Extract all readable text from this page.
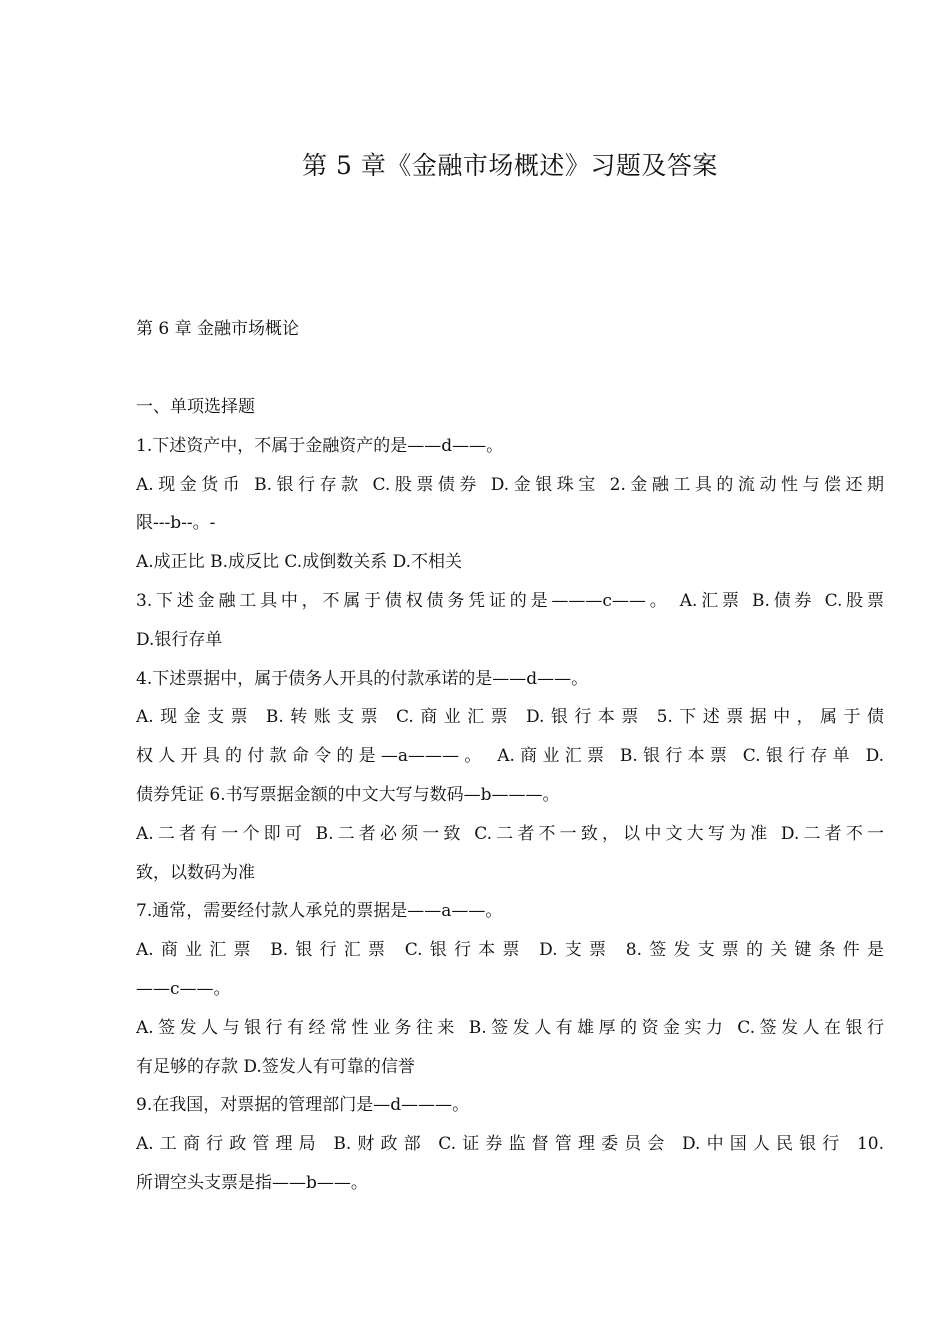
第 5 章《金融市场概述》习题及答案
第 6 章 金融市场概论
一、单项选择题
1.下述资产中，不属于金融资产的是——d——。
A.现金货币 B.银行存款 C.股票债券 D.金银珠宝 2.金融工具的流动性与偿还期
限---b--。-
A.成正比 B.成反比 C.成倒数关系 D.不相关
3.下述金融工具中，不属于债权债务凭证的是———c——。 A.汇票 B.债券 C.股票
D.银行存单
4.下述票据中，属于债务人开具的付款承诺的是——d——。
A.现金支票 B.转账支票 C.商业汇票 D.银行本票 5.下述票据中，属于债
权人开具的付款命令的是—a———。 A.商业汇票 B.银行本票 C.银行存单 D.
债券凭证 6.书写票据金额的中文大写与数码—b———。
A.二者有一个即可 B.二者必须一致 C.二者不一致，以中文大写为准 D.二者不一
致，以数码为准
7.通常，需要经付款人承兑的票据是——a——。
A.商业汇票 B.银行汇票 C.银行本票 D.支票 8.签发支票的关键条件是
——c——。
A.签发人与银行有经常性业务往来 B.签发人有雄厚的资金实力 C.签发人在银行
有足够的存款 D.签发人有可靠的信誉
9.在我国，对票据的管理部门是—d———。
A.工商行政管理局 B.财政部 C.证券监督管理委员会 D.中国人民银行 10.
所谓空头支票是指——b——。
